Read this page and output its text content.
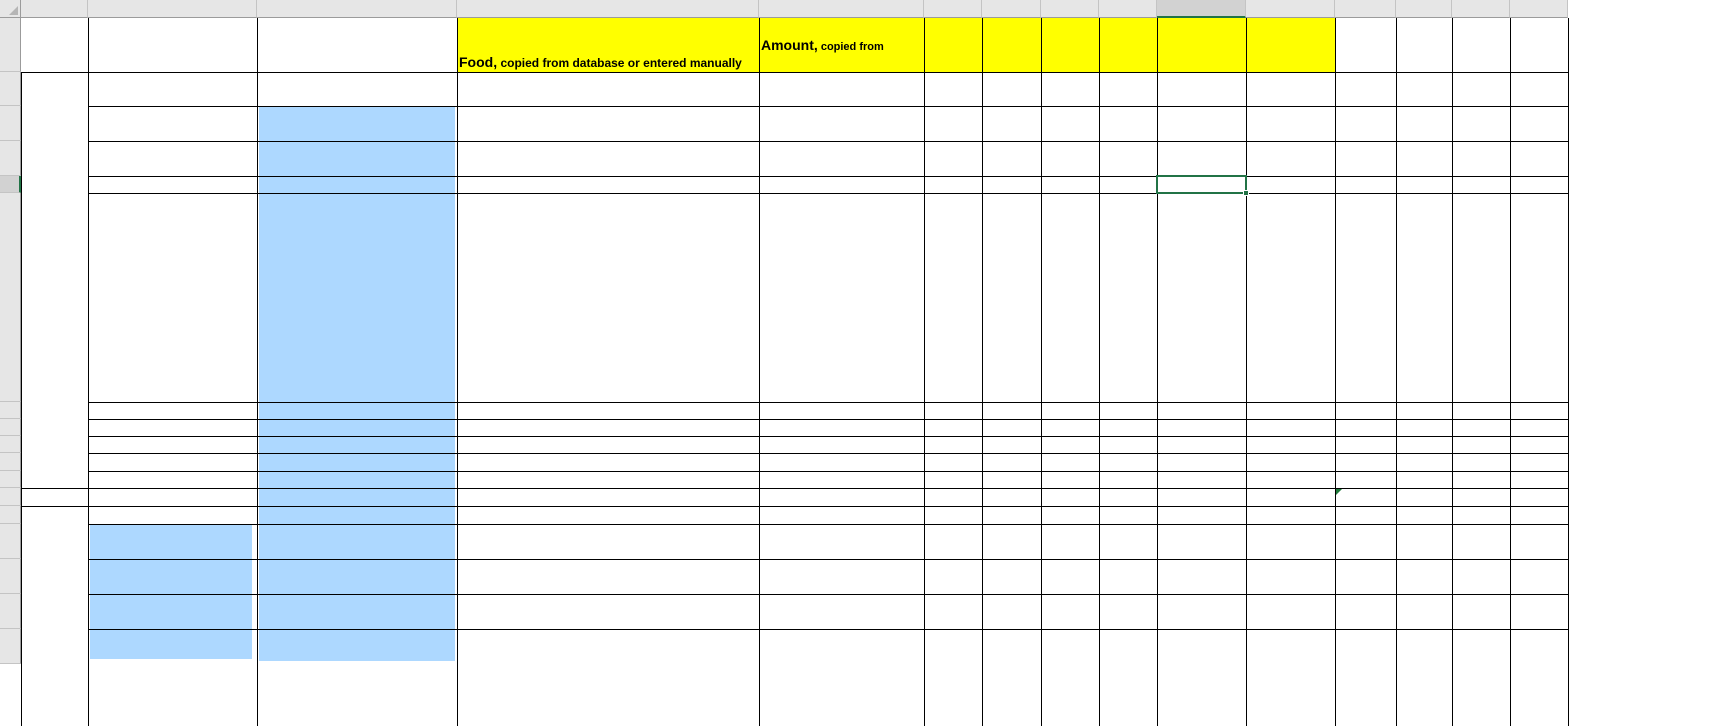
Food, copied from database or entered manually
Amount, copied from
